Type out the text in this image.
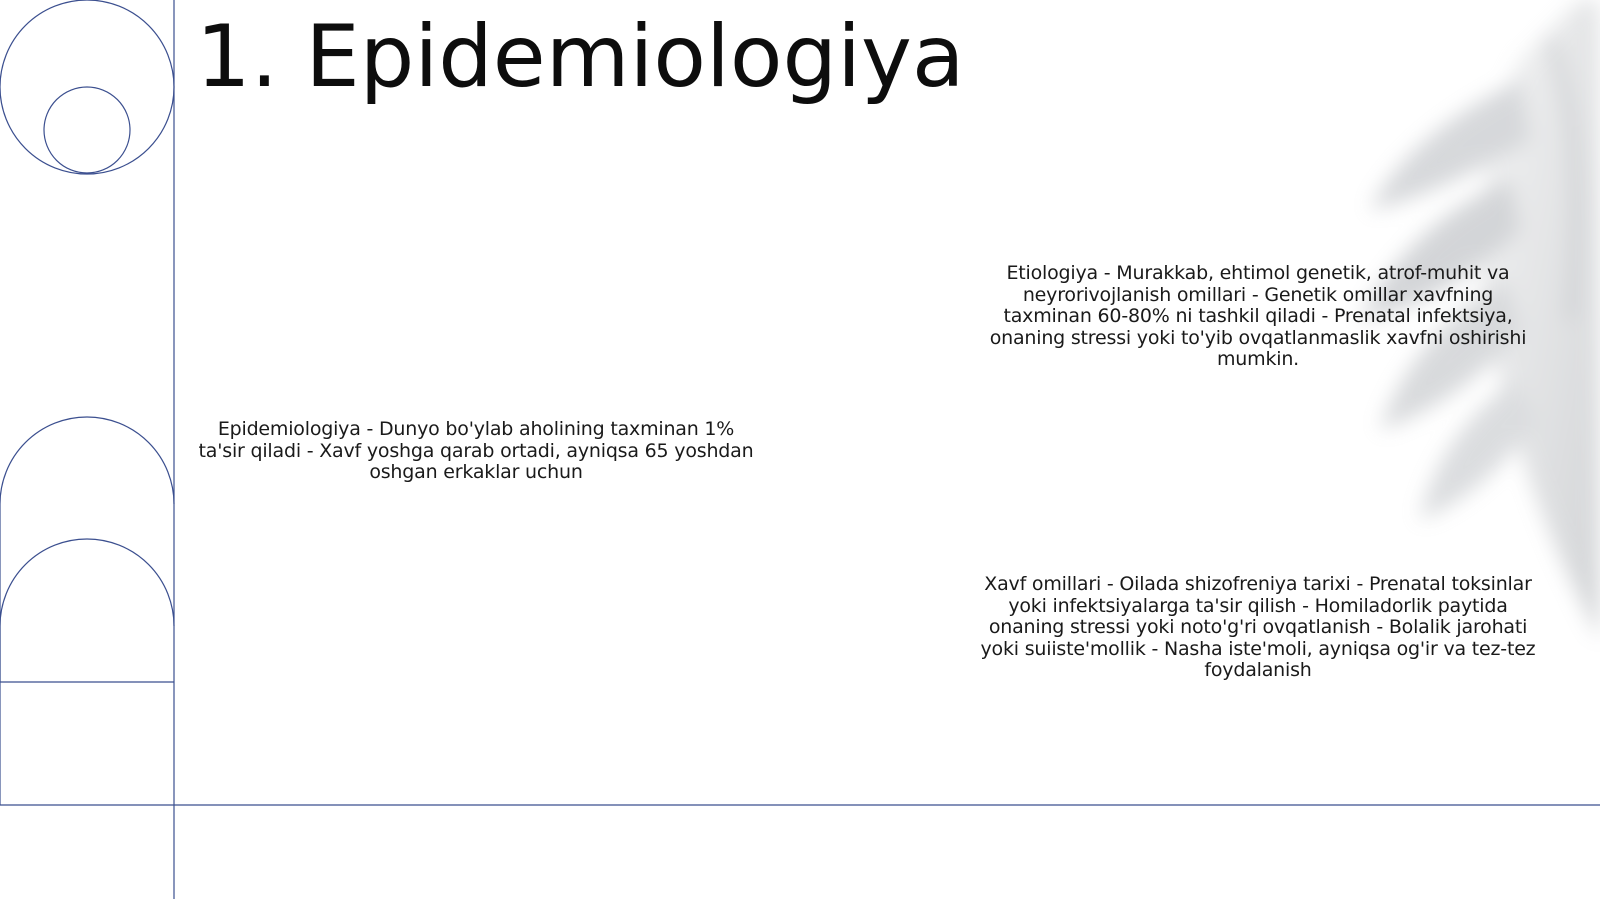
1. Epidemiologiya
Epidemiologiya - Dunyo bo'ylab aholining taxminan 1% ta'sir qiladi - Xavf yoshga qarab ortadi, ayniqsa 65 yoshdan oshgan erkaklar uchun
Etiologiya - Murakkab, ehtimol genetik, atrof-muhit va neyrorivojlanish omillari - Genetik omillar xavfning taxminan 60-80% ni tashkil qiladi - Prenatal infektsiya, onaning stressi yoki to'yib ovqatlanmaslik xavfni oshirishi mumkin.
Xavf omillari - Oilada shizofreniya tarixi - Prenatal toksinlar yoki infektsiyalarga ta'sir qilish - Homiladorlik paytida onaning stressi yoki noto'g'ri ovqatlanish - Bolalik jarohati yoki suiiste'mollik - Nasha iste'moli, ayniqsa og'ir va tez-tez foydalanish
